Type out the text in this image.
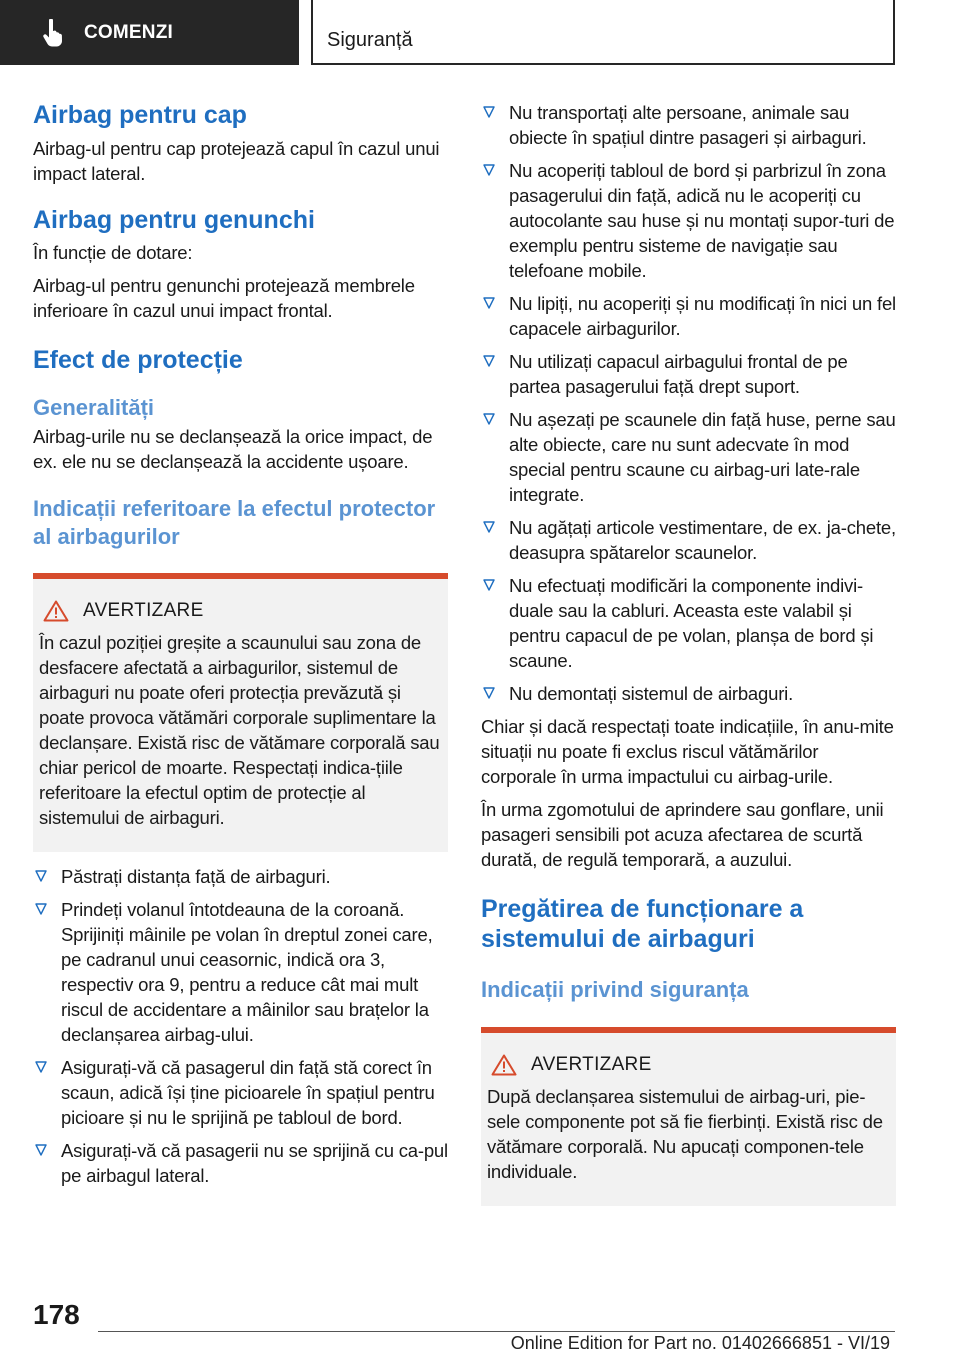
COMENZI	Siguranță
Airbag pentru cap

Airbag-ul pentru cap protejează capul în cazul unui impact lateral.

Airbag pentru genunchi

În funcție de dotare:

Airbag-ul pentru genunchi protejează membrele inferioare în cazul unui impact frontal.

Efect de protecție
Generalități

Airbag-urile nu se declanșează la orice impact, de ex. ele nu se declanșează la accidente ușoare.

Indicații referitoare la efectul protector al airbagurilor
AVERTIZARE

În cazul poziției greșite a scaunului sau zona de desfacere afectată a airbagurilor, sistemul de airbaguri nu poate oferi protecția prevăzută și poate provoca vătămări corporale suplimentare la declanșare. Există risc de vătămare corporală sau chiar pericol de moarte. Respectați indica-țiile referitoare la efectul optim de protecție al sistemului de airbaguri.

Păstrați distanța față de airbaguri.
Prindeți volanul întotdeauna de la coroană. Sprijiniți mâinile pe volan în dreptul zonei care, pe cadranul unui ceasornic, indică ora 3, respectiv ora 9, pentru a reduce cât mai mult riscul de accidentare a mâinilor sau brațelor la declanșarea airbag-ului.
Asigurați-vă că pasagerul din față stă corect în scaun, adică își ține picioarele în spațiul pentru picioare și nu le sprijină pe tabloul de bord.
Asigurați-vă că pasagerii nu se sprijină cu ca-pul pe airbagul lateral.
Nu transportați alte persoane, animale sau obiecte în spațiul dintre pasageri și airbaguri.
Nu acoperiți tabloul de bord și parbrizul în zona pasagerului din față, adică nu le acoperiți cu autocolante sau huse și nu montați supor-turi de exemplu pentru sisteme de navigație sau telefoane mobile.
Nu lipiți, nu acoperiți și nu modificați în nici un fel capacele airbagurilor.
Nu utilizați capacul airbagului frontal de pe partea pasagerului față drept suport.
Nu așezați pe scaunele din față huse, perne sau alte obiecte, care nu sunt adecvate în mod special pentru scaune cu airbag-uri late-rale integrate.
Nu agățați articole vestimentare, de ex. ja-chete, deasupra spătarelor scaunelor.
Nu efectuați modificări la componente indivi-duale sau la cabluri. Aceasta este valabil și pentru capacul de pe volan, planșa de bord și scaune.
Nu demontați sistemul de airbaguri.

Chiar și dacă respectați toate indicațiile, în anu-mite situații nu poate fi exclus riscul vătămărilor corporale în urma impactului cu airbag-urile.

În urma zgomotului de aprindere sau gonflare, unii pasageri sensibili pot acuza afectarea de scurtă durată, de regulă temporară, a auzului.

Pregătirea de funcționare a sistemului de airbaguri
Indicații privind siguranța
AVERTIZARE

După declanșarea sistemului de airbag-uri, pie-sele componente pot să fie fierbinți. Există risc de vătămare corporală. Nu apucați componen-tele individuale.

178
Online Edition for Part no. 01402666851 - VI/19
